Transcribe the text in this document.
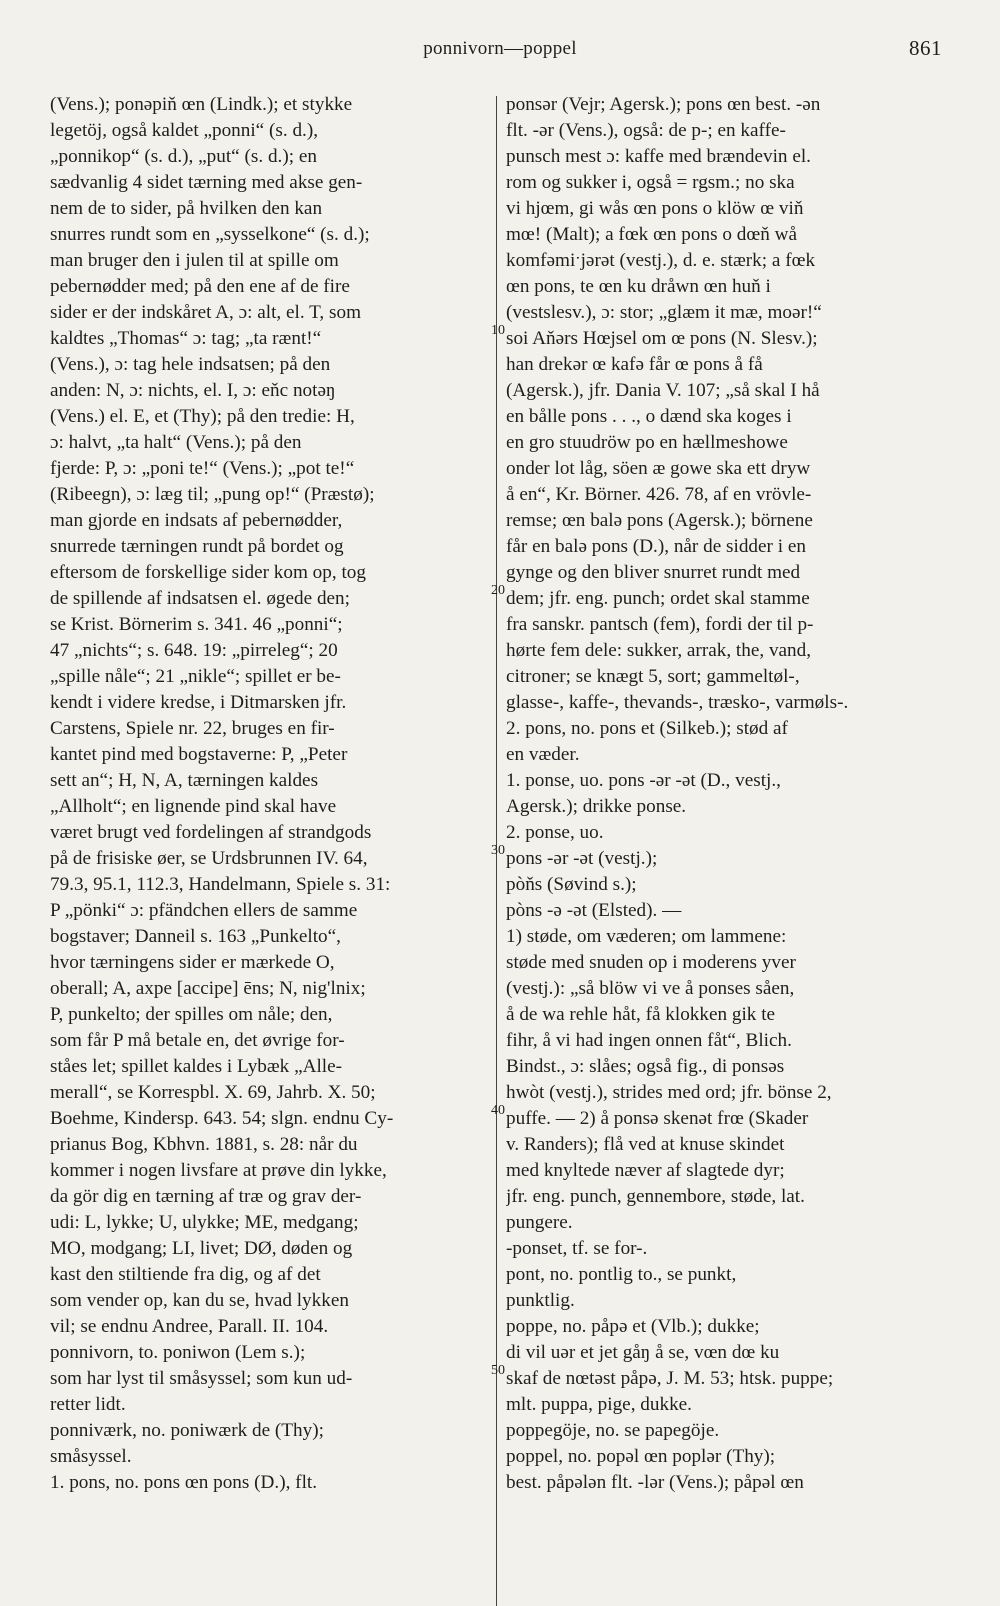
ponnivorn—poppel	861
(Vens.); ponəpiň œn (Lindk.); et stykke
legetöj, også kaldet „ponni“ (s. d.),
„ponnikop“ (s. d.), „put“ (s. d.); en
sædvanlig 4 sidet tærning med akse gen-
nem de to sider, på hvilken den kan
snurres rundt som en „sysselkone“ (s. d.);
man bruger den i julen til at spille om
pebernødder med; på den ene af de fire
sider er der indskåret A, ɔ: alt, el. T, som
kaldtes „Thomas“ ɔ: tag; „ta rænt!“
(Vens.), ɔ: tag hele indsatsen; på den
anden: N, ɔ: nichts, el. I, ɔ: eňc notəŋ
(Vens.) el. E, et (Thy); på den tredie: H,
ɔ: halvt, „ta halt“ (Vens.); på den
fjerde: P, ɔ: „poni te!“ (Vens.); „pot te!“
(Ribeegn), ɔ: læg til; „pung op!“ (Præstø);
man gjorde en indsats af pebernødder,
snurrede tærningen rundt på bordet og
eftersom de forskellige sider kom op, tog
de spillende af indsatsen el. øgede den;
se Krist. Börnerim s. 341. 46 „ponni“;
47 „nichts“; s. 648. 19: „pirreleg“; 20
„spille nåle“; 21 „nikle“; spillet er be-
kendt i videre kredse, i Ditmarsken jfr.
Carstens, Spiele nr. 22, bruges en fir-
kantet pind med bogstaverne: P, „Peter
sett an“; H, N, A, tærningen kaldes
„Allholt“; en lignende pind skal have
været brugt ved fordelingen af strandgods
på de frisiske øer, se Urdsbrunnen IV. 64,
79.3, 95.1, 112.3, Handelmann, Spiele s. 31:
P „pönki“ ɔ: pfändchen ellers de samme
bogstaver; Danneil s. 163 „Punkelto“,
hvor tærningens sider er mærkede O,
oberall; A, axpe [accipe] ēns; N, nig'lnix;
P, punkelto; der spilles om nåle; den,
som får P må betale en, det øvrige for-
ståes let; spillet kaldes i Lybæk „Alle-
merall“, se Korrespbl. X. 69, Jahrb. X. 50;
Boehme, Kindersp. 643. 54; slgn. endnu Cy-
prianus Bog, Kbhvn. 1881, s. 28: når du
kommer i nogen livsfare at prøve din lykke,
da gör dig en tærning af træ og grav der-
udi: L, lykke; U, ulykke; ME, medgang;
MO, modgang; LI, livet; DØ, døden og
kast den stiltiende fra dig, og af det
som vender op, kan du se, hvad lykken
vil; se endnu Andree, Parall. II. 104.
ponnivorn, to. poniwon (Lem s.);
som har lyst til småsyssel; som kun ud-
retter lidt.
ponniværk, no. poniwærk de (Thy);
småsyssel.
1. pons, no. pons œn pons (D.), flt.
ponsər (Vejr; Agersk.); pons œn best. -ən
flt. -ər (Vens.), også: de p-; en kaffe-
punsch mest ɔ: kaffe med brændevin el.
rom og sukker i, også = rgsm.; no ska
vi hjœm, gi wås œn pons o klöw œ viň
mœ! (Malt); a fœk œn pons o dœň wå
komfəmiˑjərət (vestj.), d. e. stærk; a fœk
œn pons, te œn ku dråwn œn huň i
(vestslesv.), ɔ: stor; „glæm it mæ, moər!“
soi Aňərs Hœjsel om œ pons (N. Slesv.);
han drekər œ kafə får œ pons å få
(Agersk.), jfr. Dania V. 107; „så skal I hå
en bålle pons . . ., o dænd ska koges i
en gro stuudröw po en hællmeshowe
onder lot låg, söen æ gowe ska ett dryw
å en“, Kr. Börner. 426. 78, af en vrövle-
remse; œn balə pons (Agersk.); börnene
får en balə pons (D.), når de sidder i en
gynge og den bliver snurret rundt med
dem; jfr. eng. punch; ordet skal stamme
fra sanskr. pantsch (fem), fordi der til p-
hørte fem dele: sukker, arrak, the, vand,
citroner; se knægt 5, sort; gammeltøl-,
glasse-, kaffe-, thevands-, træsko-, varmøls-.
2. pons, no. pons et (Silkeb.); stød af
en væder.
1. ponse, uo. pons -ər -ət (D., vestj.,
Agersk.); drikke ponse.
2. ponse, uo.
pons -ər -ət (vestj.);
pòňs (Søvind s.);
pòns -ə -ət (Elsted). —
1) støde, om væderen; om lammene:
støde med snuden op i moderens yver
(vestj.): „så blöw vi ve å ponses såen,
å de wa rehle håt, få klokken gik te
fihr, å vi had ingen onnen fåt“, Blich.
Bindst., ɔ: slåes; også fig., di ponsəs
hwòt (vestj.), strides med ord; jfr. bönse 2,
puffe. — 2) å ponsə skenət frœ (Skader
v. Randers); flå ved at knuse skindet
med knyltede næver af slagtede dyr;
jfr. eng. punch, gennembore, støde, lat.
pungere.
-ponset, tf. se for-.
pont, no. pontlig to., se punkt,
punktlig.
poppe, no. påpə et (Vlb.); dukke;
di vil uər et jet gåŋ å se, vœn dœ ku
skaf de nœtəst påpə, J. M. 53; htsk. puppe;
mlt. puppa, pige, dukke.
poppegöje, no. se papegöje.
poppel, no. popəl œn poplər (Thy);
best. påpələn flt. -lər (Vens.); påpəl œn
10
20
30
40
50
